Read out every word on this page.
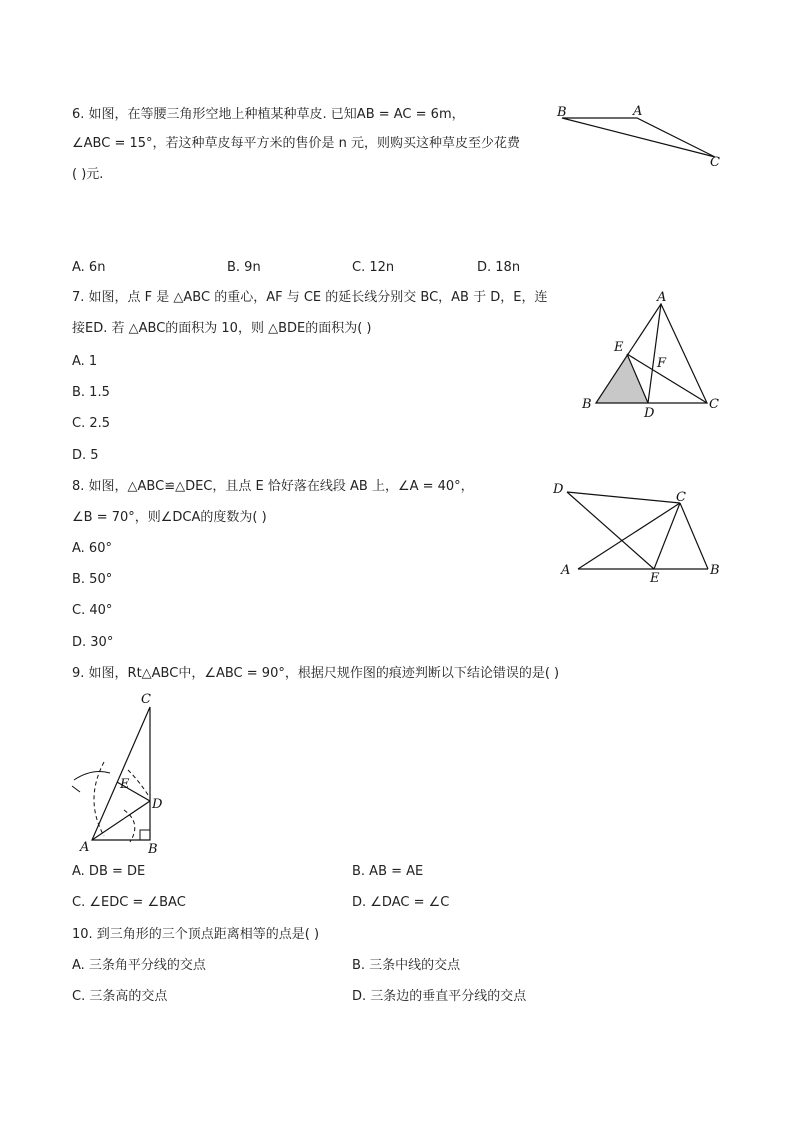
6. 如图，在等腰三角形空地上种植某种草皮. 已知AB = AC = 6m，
∠ABC = 15°，若这种草皮每平方米的售价是 n 元，则购买这种草皮至少花费
( )元.
B	A
C
A. 6n	B. 9n	C. 12n	D. 18n
7. 如图，点 F 是 △ABC 的重心，AF 与 CE 的延长线分别交 BC，AB 于 D，E，连
接ED. 若 △ABC的面积为 10，则 △BDE的面积为( )
A
E
F
B
D
C
A. 1
B. 1.5
C. 2.5
D. 5
8. 如图，△ABC≌△DEC，且点 E 恰好落在线段 AB 上，∠A = 40°，
∠B = 70°，则∠DCA的度数为( )
D
C
A
E
B
A. 60°
B. 50°
C. 40°
D. 30°
9. 如图，Rt△ABC中，∠ABC = 90°，根据尺规作图的痕迹判断以下结论错误的是( )
C
E
D
A	B
A. DB = DE	B. AB = AE
C. ∠EDC = ∠BAC	D. ∠DAC = ∠C
10. 到三角形的三个顶点距离相等的点是( )
A. 三条角平分线的交点	B. 三条中线的交点
C. 三条高的交点	D. 三条边的垂直平分线的交点
